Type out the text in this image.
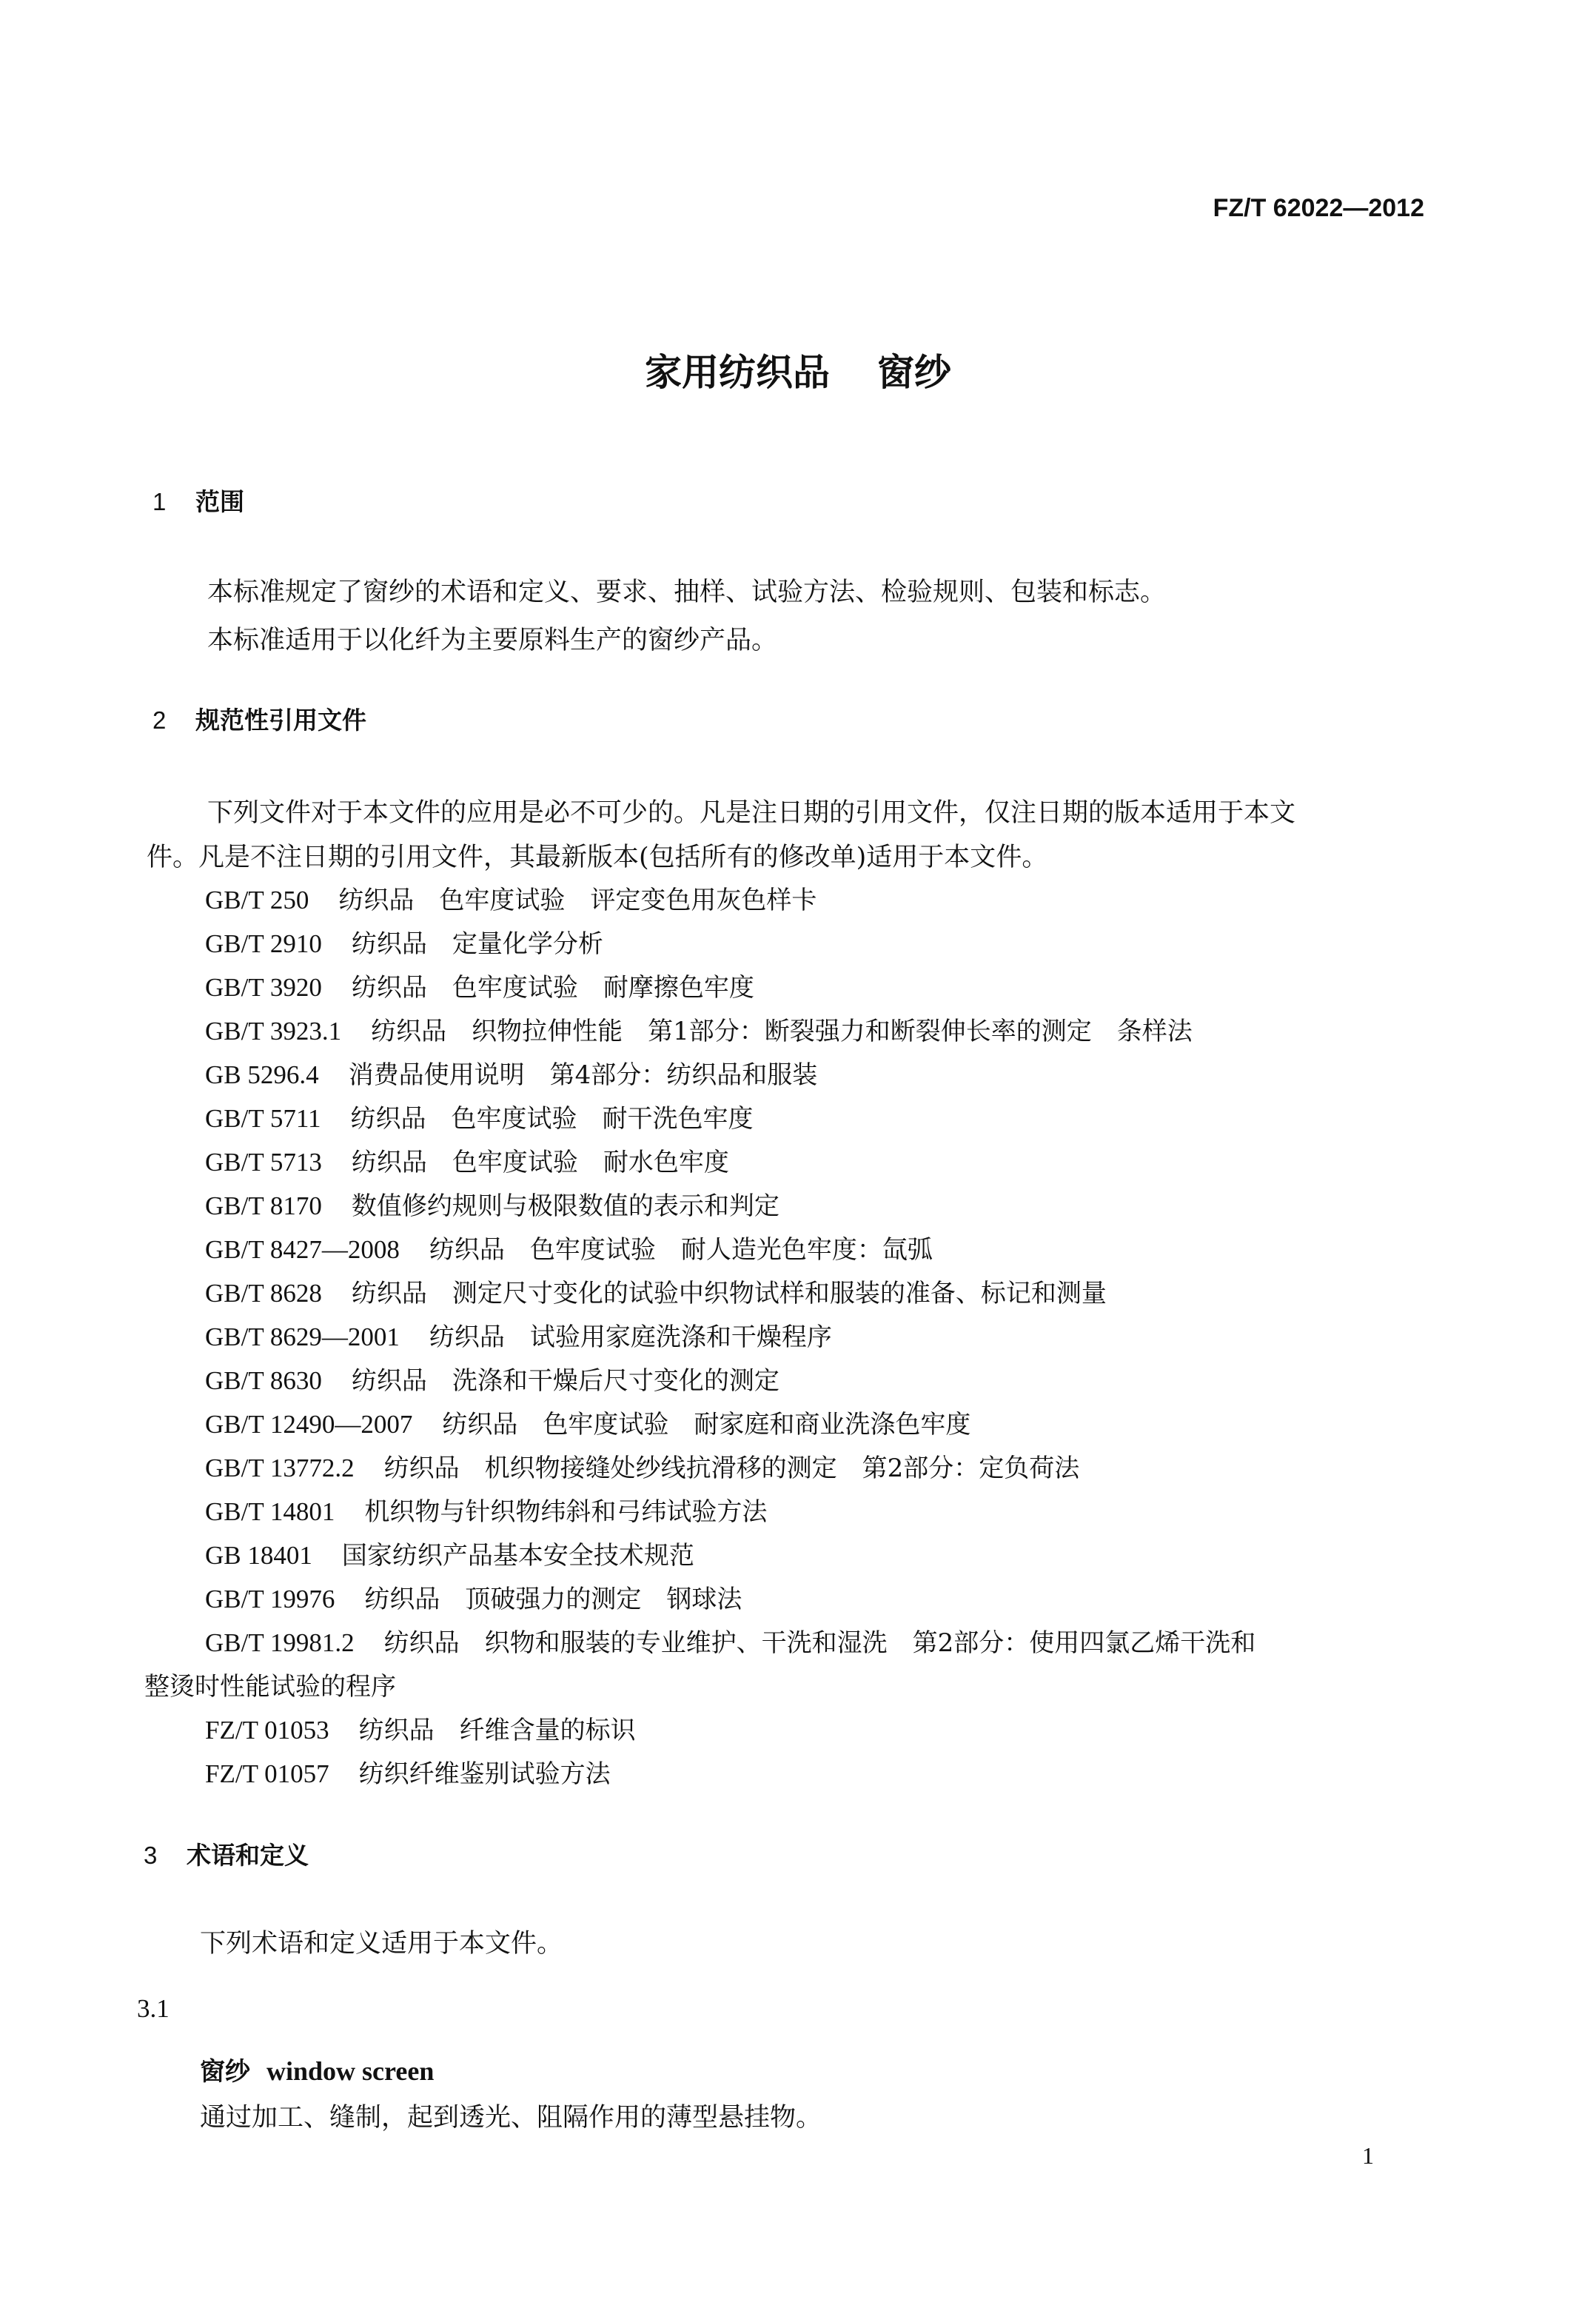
FZ/T 62022—2012
家用纺织品 窗纱
1 范围
本标准规定了窗纱的术语和定义、要求、抽样、试验方法、检验规则、包装和标志。
本标准适用于以化纤为主要原料生产的窗纱产品。
2 规范性引用文件
下列文件对于本文件的应用是必不可少的。凡是注日期的引用文件，仅注日期的版本适用于本文
件。凡是不注日期的引用文件，其最新版本(包括所有的修改单)适用于本文件。
GB/T 250 纺织品　色牢度试验　评定变色用灰色样卡
GB/T 2910 纺织品　定量化学分析
GB/T 3920 纺织品　色牢度试验　耐摩擦色牢度
GB/T 3923.1 纺织品　织物拉伸性能　第1部分：断裂强力和断裂伸长率的测定　条样法
GB 5296.4 消费品使用说明　第4部分：纺织品和服装
GB/T 5711 纺织品　色牢度试验　耐干洗色牢度
GB/T 5713 纺织品　色牢度试验　耐水色牢度
GB/T 8170 数值修约规则与极限数值的表示和判定
GB/T 8427—2008 纺织品　色牢度试验　耐人造光色牢度：氙弧
GB/T 8628 纺织品　测定尺寸变化的试验中织物试样和服装的准备、标记和测量
GB/T 8629—2001 纺织品　试验用家庭洗涤和干燥程序
GB/T 8630 纺织品　洗涤和干燥后尺寸变化的测定
GB/T 12490—2007 纺织品　色牢度试验　耐家庭和商业洗涤色牢度
GB/T 13772.2 纺织品　机织物接缝处纱线抗滑移的测定　第2部分：定负荷法
GB/T 14801 机织物与针织物纬斜和弓纬试验方法
GB 18401 国家纺织产品基本安全技术规范
GB/T 19976 纺织品　顶破强力的测定　钢球法
GB/T 19981.2 纺织品　织物和服装的专业维护、干洗和湿洗　第2部分：使用四氯乙烯干洗和
整烫时性能试验的程序
FZ/T 01053 纺织品　纤维含量的标识
FZ/T 01057 纺织纤维鉴别试验方法
3 术语和定义
下列术语和定义适用于本文件。
3.1
窗纱 window screen
通过加工、缝制，起到透光、阻隔作用的薄型悬挂物。
1
